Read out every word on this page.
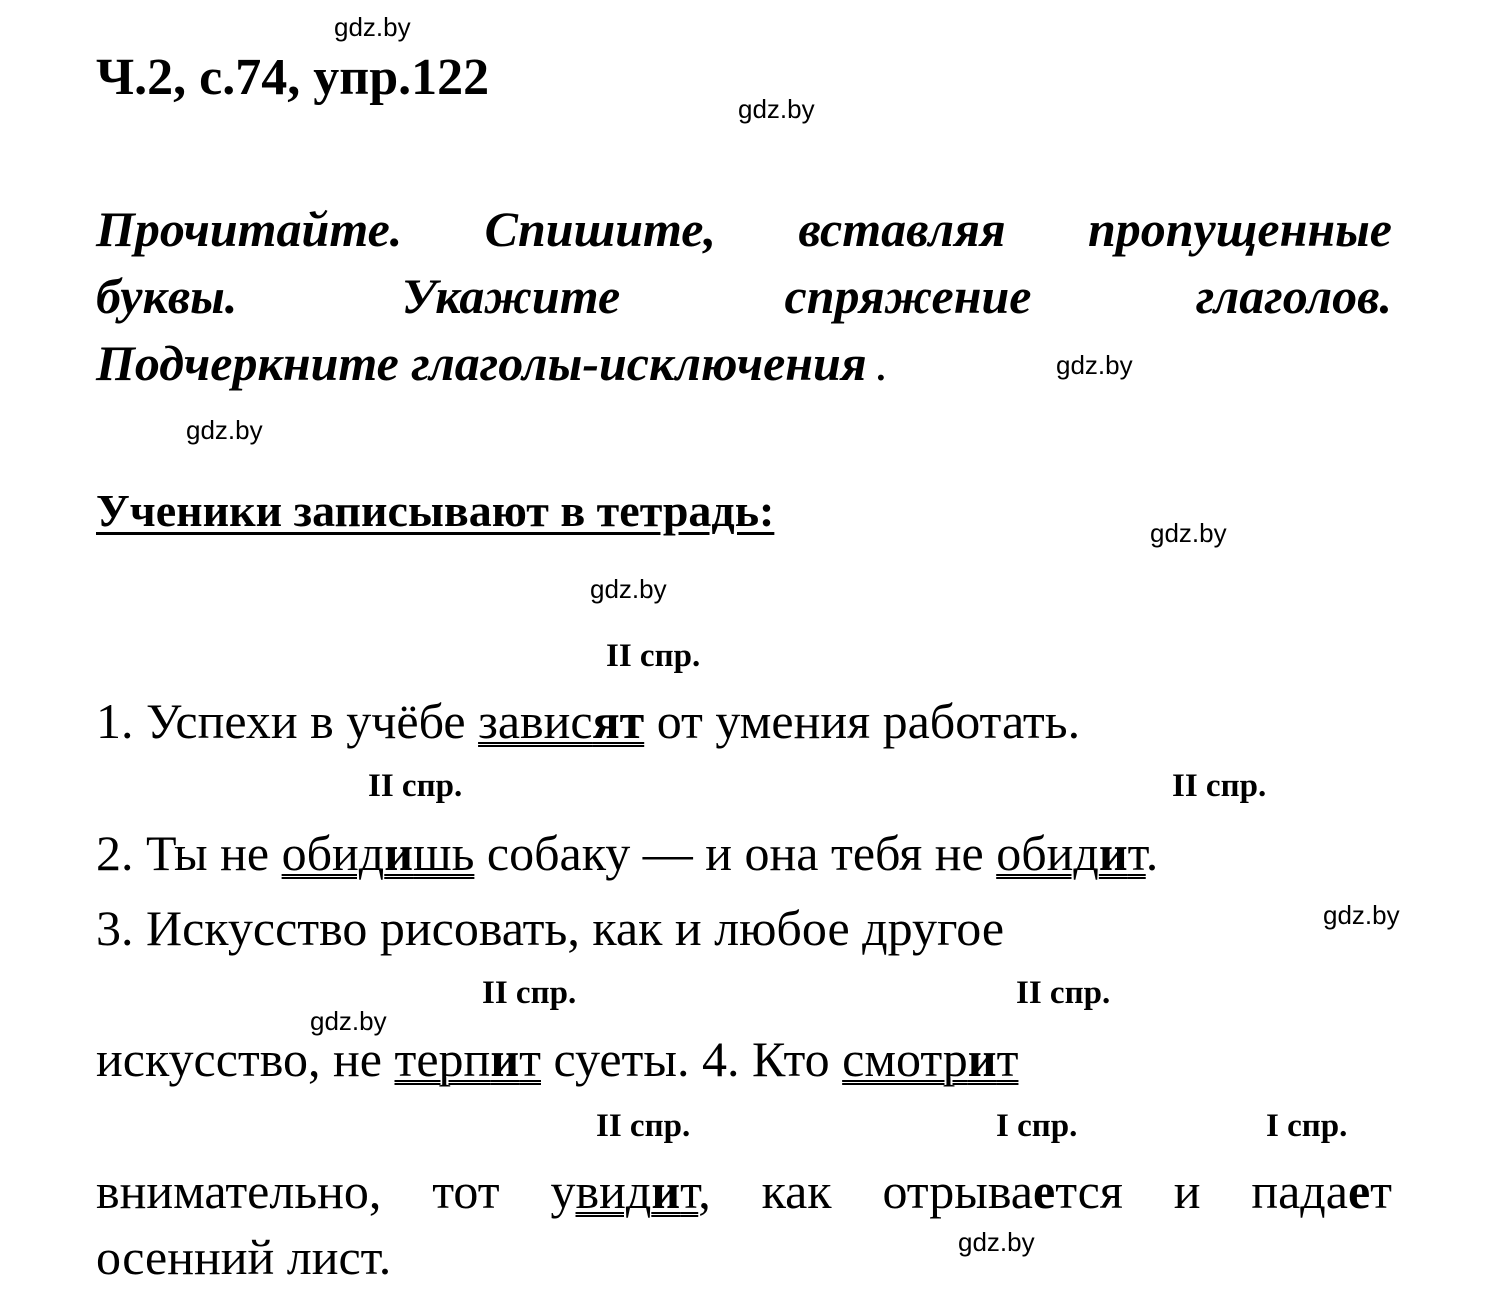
gdz.by
gdz.by
gdz.by
gdz.by
gdz.by
gdz.by
gdz.by
gdz.by
gdz.by
Ч.2, с.74, упр.122
Прочитайте. Спишите, вставляя пропущенные
буквы. Укажите спряжение глаголов.
Подчеркните глаголы-исключения .
Ученики записывают в тетрадь:
II спр.
II спр.	II спр.
II спр.	II спр.
II спр.	I спр.	I спр.
1. Успехи в учёбе зависят от умения работать.
2. Ты не обидишь собаку — и она тебя не обидит.
3. Искусство рисовать, как и любое другое
искусство, не терпит суеты. 4. Кто смотрит
внимательно, тот увидит, как отрывается и падает
осенний лист.
